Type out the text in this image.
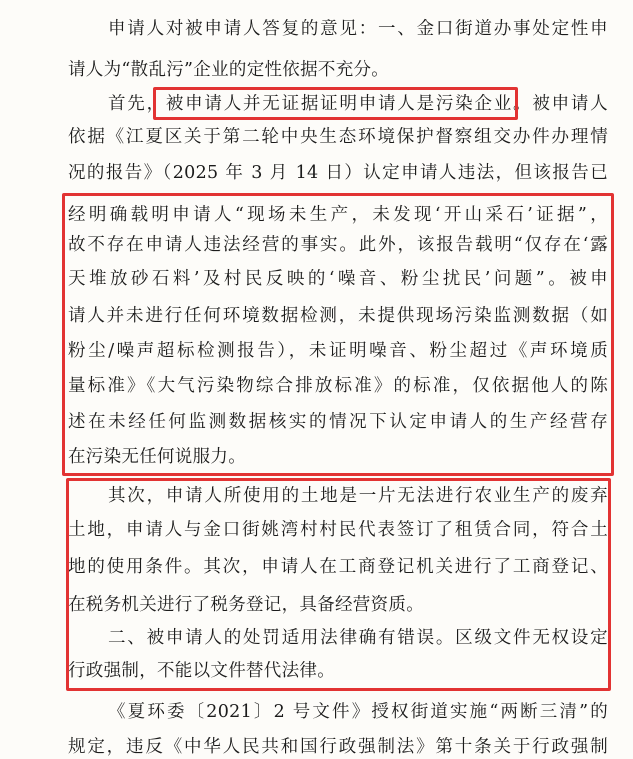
申请人对被申请人答复的意见：一、金口街道办事处定性申
请人为“散乱污”企业的定性依据不充分。
首先，被申请人并无证据证明申请人是污染企业。被申请人
依据《江夏区关于第二轮中央生态环境保护督察组交办件办理情
况的报告》（2025 年 3 月 14 日）认定申请人违法，但该报告已
经明确载明申请人“现场未生产，未发现‘开山采石’证据”，
故不存在申请人违法经营的事实。此外，该报告载明“仅存在‘露
天堆放砂石料’及村民反映的‘噪音、粉尘扰民’问题”。被申
请人并未进行任何环境数据检测，未提供现场污染监测数据（如
粉尘/噪声超标检测报告），未证明噪音、粉尘超过《声环境质
量标准》《大气污染物综合排放标准》的标准，仅依据他人的陈
述在未经任何监测数据核实的情况下认定申请人的生产经营存
在污染无任何说服力。
其次，申请人所使用的土地是一片无法进行农业生产的废弃
土地，申请人与金口街姚湾村村民代表签订了租赁合同，符合土
地的使用条件。其次，申请人在工商登记机关进行了工商登记、
在税务机关进行了税务登记，具备经营资质。
二、被申请人的处罚适用法律确有错误。区级文件无权设定
行政强制，不能以文件替代法律。
《夏环委〔2021〕2 号文件》授权街道实施“两断三清”的
规定，违反《中华人民共和国行政强制法》第十条关于行政强制
